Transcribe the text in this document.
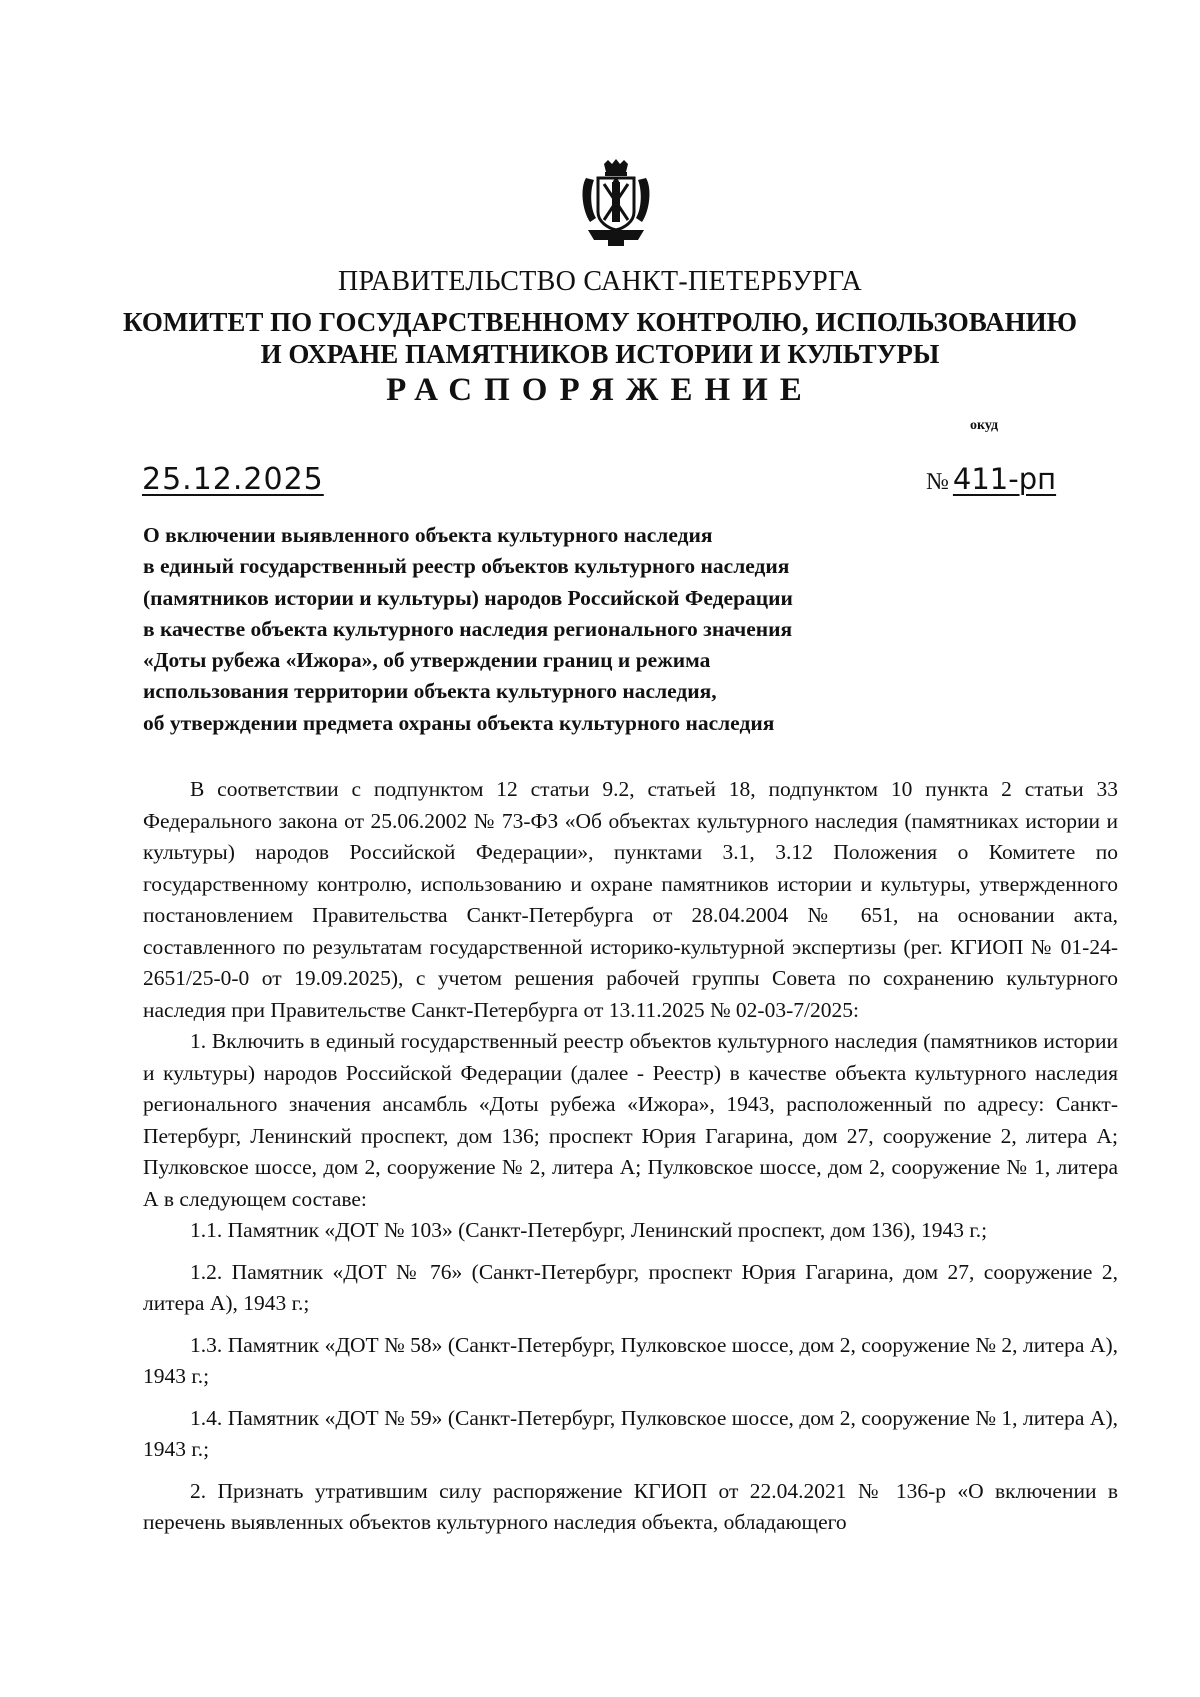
ПРАВИТЕЛЬСТВО САНКТ-ПЕТЕРБУРГА
КОМИТЕТ ПО ГОСУДАРСТВЕННОМУ КОНТРОЛЮ, ИСПОЛЬЗОВАНИЮ
И ОХРАНЕ ПАМЯТНИКОВ ИСТОРИИ И КУЛЬТУРЫ
РАСПОРЯЖЕНИЕ
окуд
25.12.2025	№ 411-рп
О включении выявленного объекта культурного наследия
в единый государственный реестр объектов культурного наследия
(памятников истории и культуры) народов Российской Федерации
в качестве объекта культурного наследия регионального значения
«Доты рубежа «Ижора», об утверждении границ и режима
использования территории объекта культурного наследия,
об утверждении предмета охраны объекта культурного наследия

В соответствии с подпунктом 12 статьи 9.2, статьей 18, подпунктом 10 пункта 2 статьи 33 Федерального закона от 25.06.2002 № 73-ФЗ «Об объектах культурного наследия (памятниках истории и культуры) народов Российской Федерации», пунктами 3.1, 3.12 Положения о Комитете по государственному контролю, использованию и охране памятников истории и культуры, утвержденного постановлением Правительства Санкт-Петербурга от 28.04.2004 № 651, на основании акта, составленного по результатам государственной историко-культурной экспертизы (рег. КГИОП № 01-24-2651/25-0-0 от 19.09.2025), с учетом решения рабочей группы Совета по сохранению культурного наследия при Правительстве Санкт-Петербурга от 13.11.2025 № 02-03-7/2025:

1. Включить в единый государственный реестр объектов культурного наследия (памятников истории и культуры) народов Российской Федерации (далее - Реестр) в качестве объекта культурного наследия регионального значения ансамбль «Доты рубежа «Ижора», 1943, расположенный по адресу: Санкт-Петербург, Ленинский проспект, дом 136; проспект Юрия Гагарина, дом 27, сооружение 2, литера А; Пулковское шоссе, дом 2, сооружение № 2, литера А; Пулковское шоссе, дом 2, сооружение № 1, литера А в следующем составе:

1.1. Памятник «ДОТ № 103» (Санкт-Петербург, Ленинский проспект, дом 136), 1943 г.;

1.2. Памятник «ДОТ № 76» (Санкт-Петербург, проспект Юрия Гагарина, дом 27, сооружение 2, литера А), 1943 г.;

1.3. Памятник «ДОТ № 58» (Санкт-Петербург, Пулковское шоссе, дом 2, сооружение № 2, литера А), 1943 г.;

1.4. Памятник «ДОТ № 59» (Санкт-Петербург, Пулковское шоссе, дом 2, сооружение № 1, литера А), 1943 г.;

2. Признать утратившим силу распоряжение КГИОП от 22.04.2021 № 136-р «О включении в перечень выявленных объектов культурного наследия объекта, обладающего
